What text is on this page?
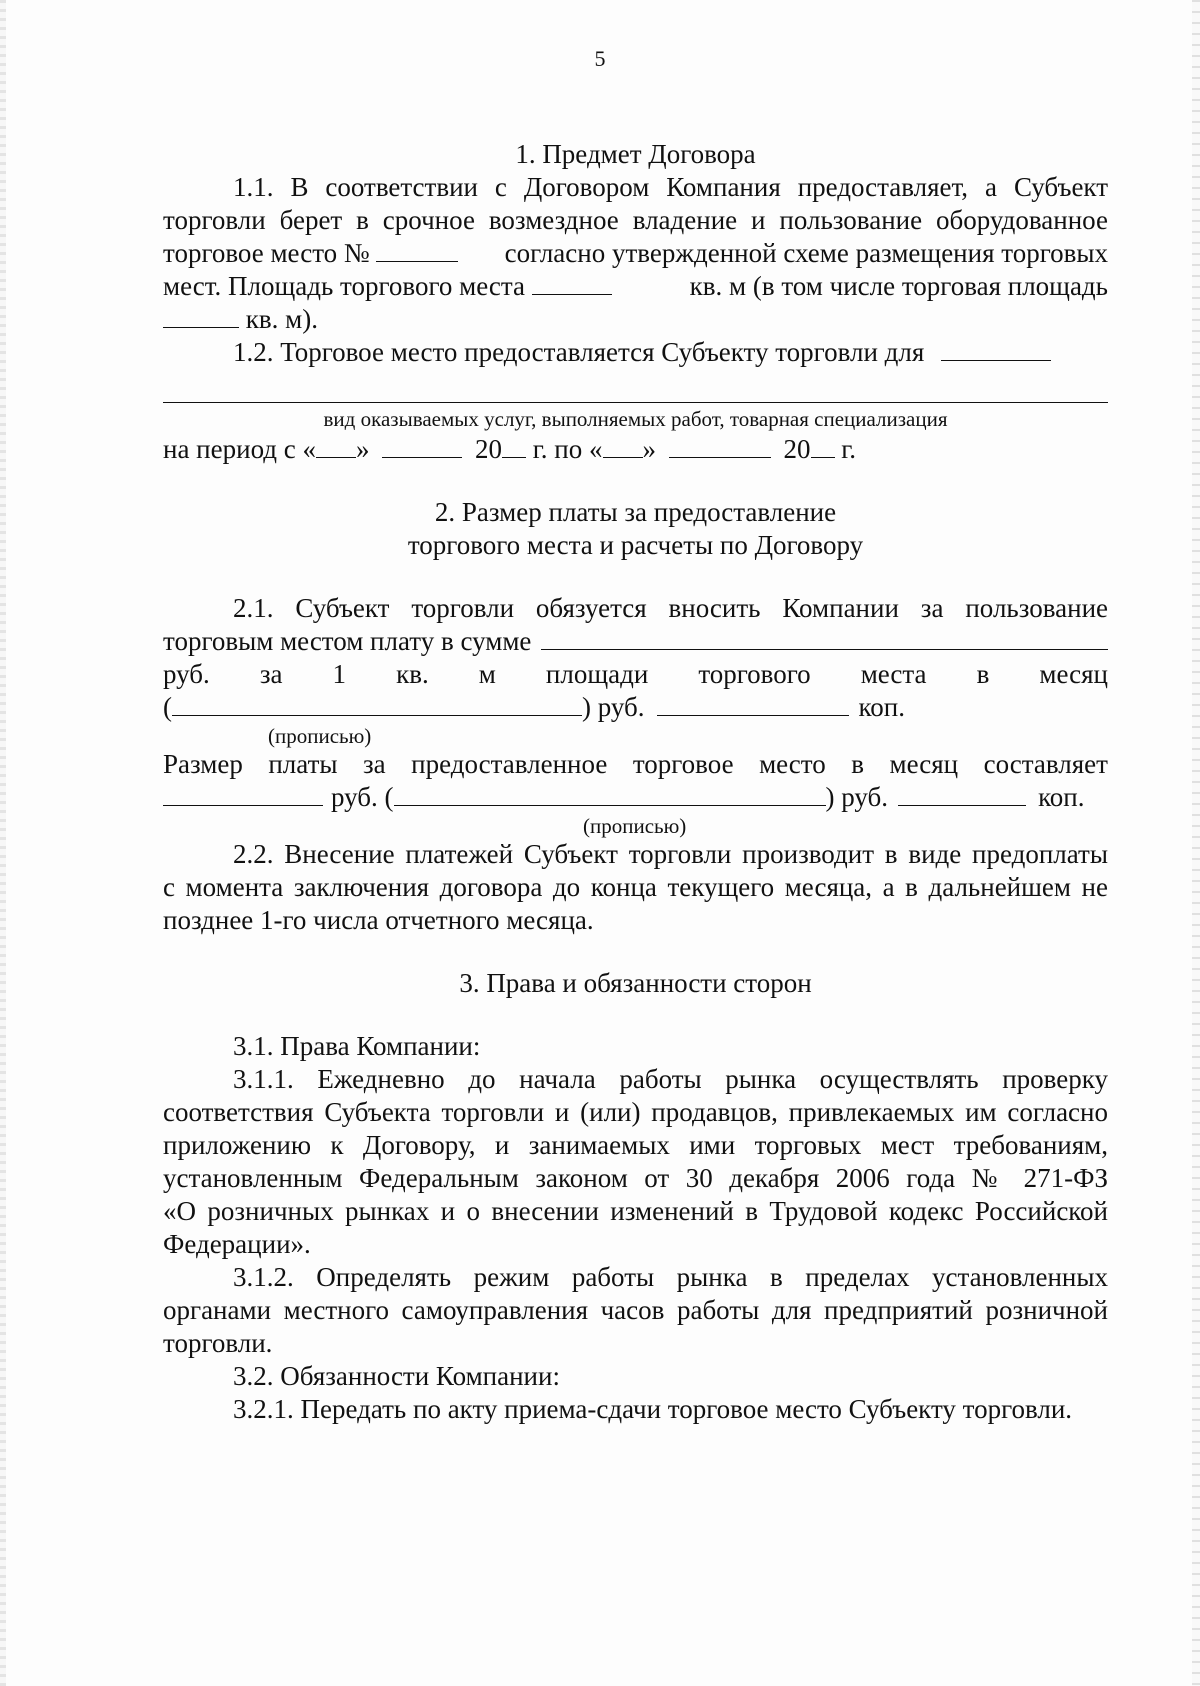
5
1. Предмет Договора
1.1. В соответствии с Договором Компания предоставляет, а Субъект
торговли берет в срочное возмездное владение и пользование оборудованное
торговое место №	согласно утвержденной схеме размещения торговых
мест. Площадь торгового места	кв. м (в том числе торговая площадь
кв. м).
1.2. Торговое место предоставляется Субъекту торговли для
вид оказываемых услуг, выполняемых работ, товарная специализация
на период с « »	20 г. по « »	20 г.
2. Размер платы за предоставление
торгового места и расчеты по Договору
2.1. Субъект торговли обязуется вносить Компании за пользование
торговым местом плату в сумме
руб. за 1 кв. м площади торгового места в месяц
(	) руб.	коп.
(прописью)
Размер платы за предоставленное торговое место в месяц составляет
руб. (	) руб.	коп.
(прописью)
2.2. Внесение платежей Субъект торговли производит в виде предоплаты
с момента заключения договора до конца текущего месяца, а в дальнейшем не
позднее 1-го числа отчетного месяца.
3. Права и обязанности сторон
3.1. Права Компании:
3.1.1. Ежедневно до начала работы рынка осуществлять проверку
соответствия Субъекта торговли и (или) продавцов, привлекаемых им согласно
приложению к Договору, и занимаемых ими торговых мест требованиям,
установленным Федеральным законом от 30 декабря 2006 года № 271-ФЗ
«О розничных рынках и о внесении изменений в Трудовой кодекс Российской
Федерации».
3.1.2. Определять режим работы рынка в пределах установленных
органами местного самоуправления часов работы для предприятий розничной
торговли.
3.2. Обязанности Компании:
3.2.1. Передать по акту приема-сдачи торговое место Субъекту торговли.
